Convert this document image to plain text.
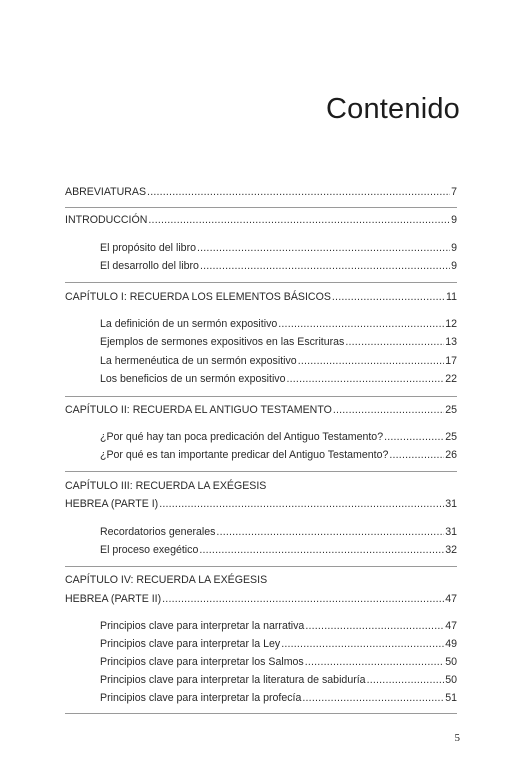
Contenido
ABREVIATURAS .....	7
INTRODUCCIÓN .....	9
El propósito del libro .....	9
El desarrollo del libro .....	9
CAPÍTULO I: RECUERDA LOS ELEMENTOS BÁSICOS .....	11
La definición de un sermón expositivo .....	12
Ejemplos de sermones expositivos en las Escrituras .....	13
La hermenéutica de un sermón expositivo .....	17
Los beneficios de un sermón expositivo .....	22
CAPÍTULO II: RECUERDA EL ANTIGUO TESTAMENTO .....	25
¿Por qué hay tan poca predicación del Antiguo Testamento? .....	25
¿Por qué es tan importante predicar del Antiguo Testamento? .....	26
CAPÍTULO III: RECUERDA LA EXÉGESIS
HEBREA (PARTE I) .....	31
Recordatorios generales .....	31
El proceso exegético .....	32
CAPÍTULO IV: RECUERDA LA EXÉGESIS
HEBREA (PARTE II) .....	47
Principios clave para interpretar la narrativa .....	47
Principios clave para interpretar la Ley .....	49
Principios clave para interpretar los Salmos .....	50
Principios clave para interpretar la literatura de sabiduría .....	50
Principios clave para interpretar la profecía .....	51
5
